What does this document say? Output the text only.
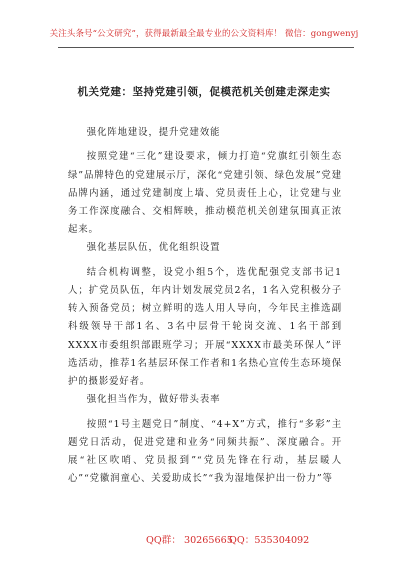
关注头条号“公文研究”，获得最新最全最专业的公文资料库！ 微信：gongwenyj
机关党建：坚持党建引领，促模范机关创建走深走实

强化阵地建设，提升党建效能

按照党建“三化”建设要求，倾力打造“党旗红引领生态绿”品牌特色的党建展示厅，深化“党建引领、绿色发展”党建品牌内涵，通过党建制度上墙、党员责任上心，让党建与业务工作深度融合、交相辉映，推动模范机关创建氛围真正浓起来。

强化基层队伍，优化组织设置

结合机构调整，设党小组5个，选优配强党支部书记1人；扩党员队伍，年内计划发展党员2名，1名入党积极分子转入预备党员；树立鲜明的选人用人导向，今年民主推选副科级领导干部1名、3名中层骨干轮岗交流、1名干部到XXXX市委组织部跟班学习；开展“XXXX市最美环保人”评选活动，推荐1名基层环保工作者和1名热心宣传生态环境保护的摄影爱好者。

强化担当作为，做好带头表率

按照“1号主题党日”制度、“4+X”方式，推行“多彩”主题党日活动，促进党建和业务“同频共振”、深度融合。开展“社区吹哨、党员报到”“党员先锋在行动，基层暖人心”“党徽润童心、关爱助成长”“我为湿地保护出一份力”等

QQ群： 30265665
QQ：535304092
